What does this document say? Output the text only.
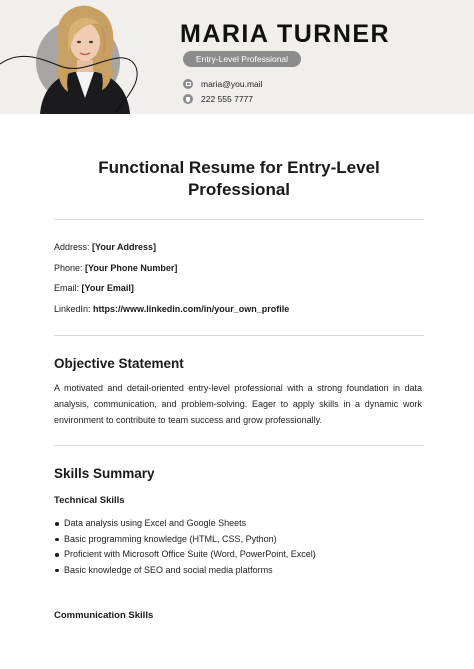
MARIA TURNER
Entry-Level Professional
maria@you.mail
222 555 7777
Functional Resume for Entry-Level Professional
Address: [Your Address]
Phone: [Your Phone Number]
Email: [Your Email]
LinkedIn: https://www.linkedin.com/in/your_own_profile
Objective Statement
A motivated and detail-oriented entry-level professional with a strong foundation in data analysis, communication, and problem-solving. Eager to apply skills in a dynamic work environment to contribute to team success and grow professionally.
Skills Summary
Technical Skills
Data analysis using Excel and Google Sheets
Basic programming knowledge (HTML, CSS, Python)
Proficient with Microsoft Office Suite (Word, PowerPoint, Excel)
Basic knowledge of SEO and social media platforms
Communication Skills
